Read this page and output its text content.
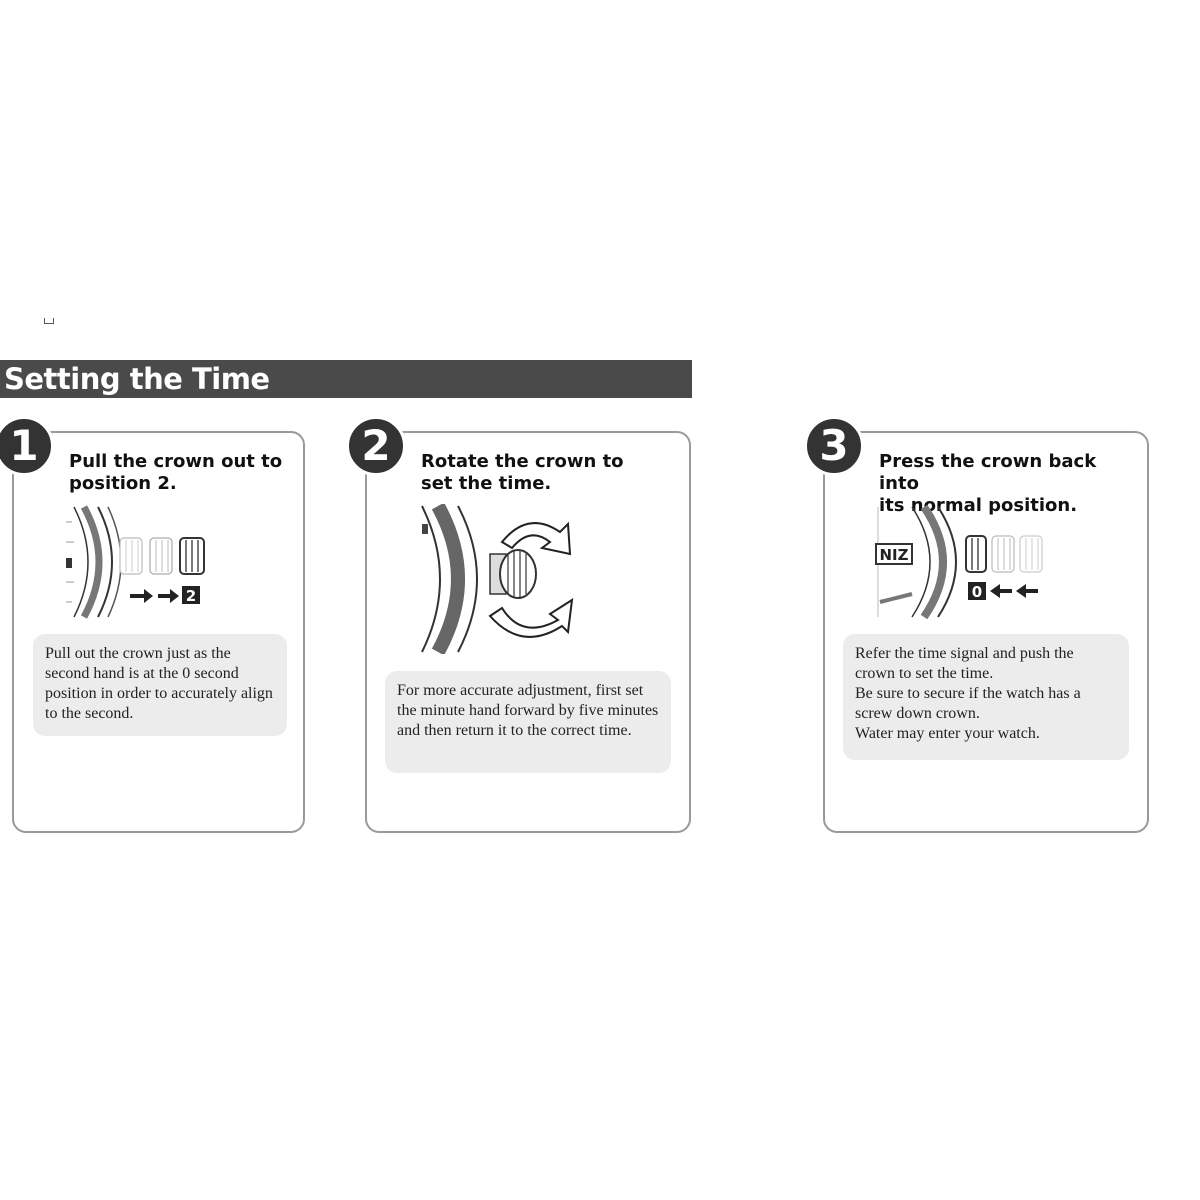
Setting the Time
1	Pull the crown out to
position 2.
2

Pull out the crown just as the second hand is at the 0 second position in order to accurately align to the second.

2	Rotate the crown to
set the time.

For more accurate adjustment, first set the minute hand forward by five minutes and then return it to the correct time.

3	Press the crown back into
its normal position.
NIZ
0

Refer the time signal and push the crown to set the time.

Be sure to secure if the watch has a screw down crown.

Water may enter your watch.
